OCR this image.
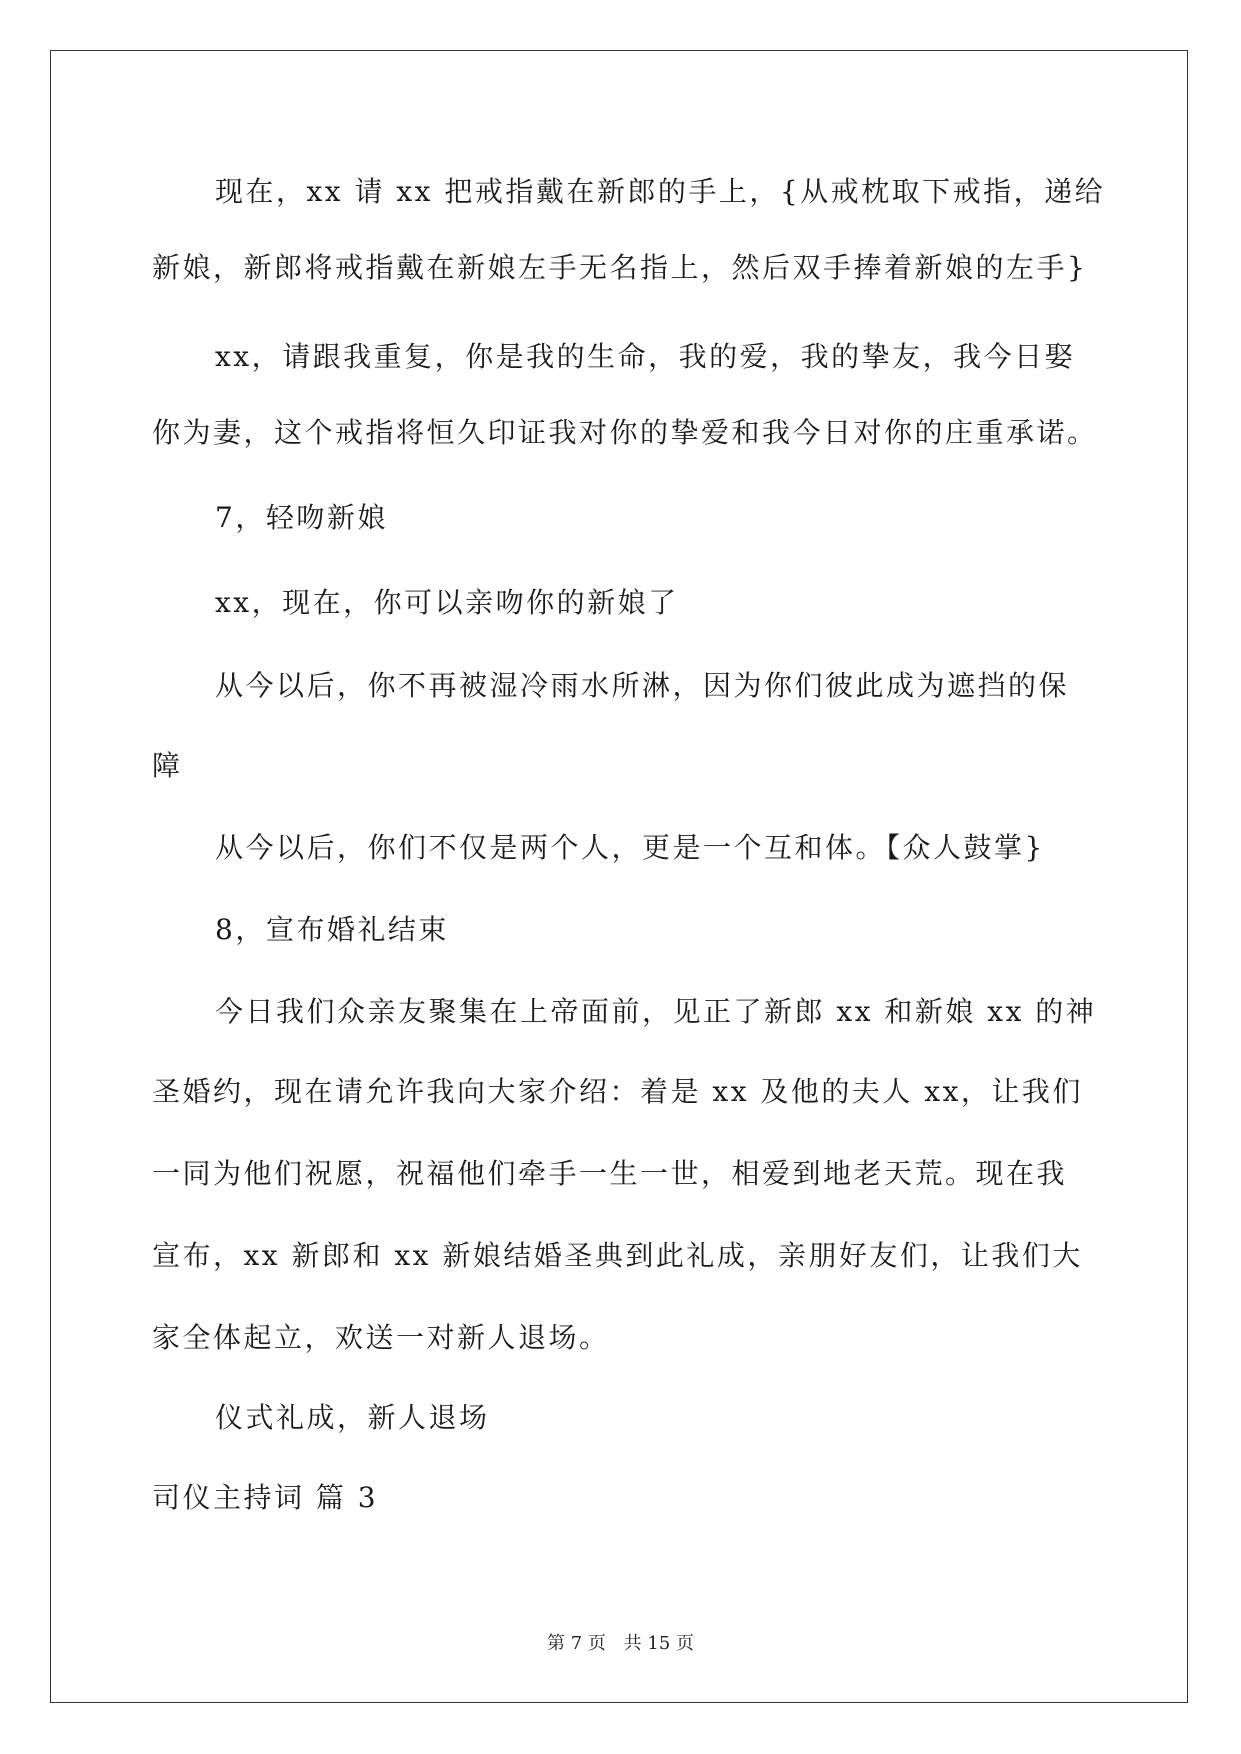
现在，xx 请 xx 把戒指戴在新郎的手上，{从戒枕取下戒指，递给
新娘，新郎将戒指戴在新娘左手无名指上，然后双手捧着新娘的左手}
xx，请跟我重复，你是我的生命，我的爱，我的挚友，我今日娶
你为妻，这个戒指将恒久印证我对你的挚爱和我今日对你的庄重承诺。
7，轻吻新娘
xx，现在，你可以亲吻你的新娘了
从今以后，你不再被湿冷雨水所淋，因为你们彼此成为遮挡的保
障
从今以后，你们不仅是两个人，更是一个互和体。【众人鼓掌}
8，宣布婚礼结束
今日我们众亲友聚集在上帝面前，见正了新郎 xx 和新娘 xx 的神
圣婚约，现在请允许我向大家介绍：着是 xx 及他的夫人 xx，让我们
一同为他们祝愿，祝福他们牵手一生一世，相爱到地老天荒。现在我
宣布，xx 新郎和 xx 新娘结婚圣典到此礼成，亲朋好友们，让我们大
家全体起立，欢送一对新人退场。
仪式礼成，新人退场
司仪主持词 篇 3
第 7 页 共 15 页
